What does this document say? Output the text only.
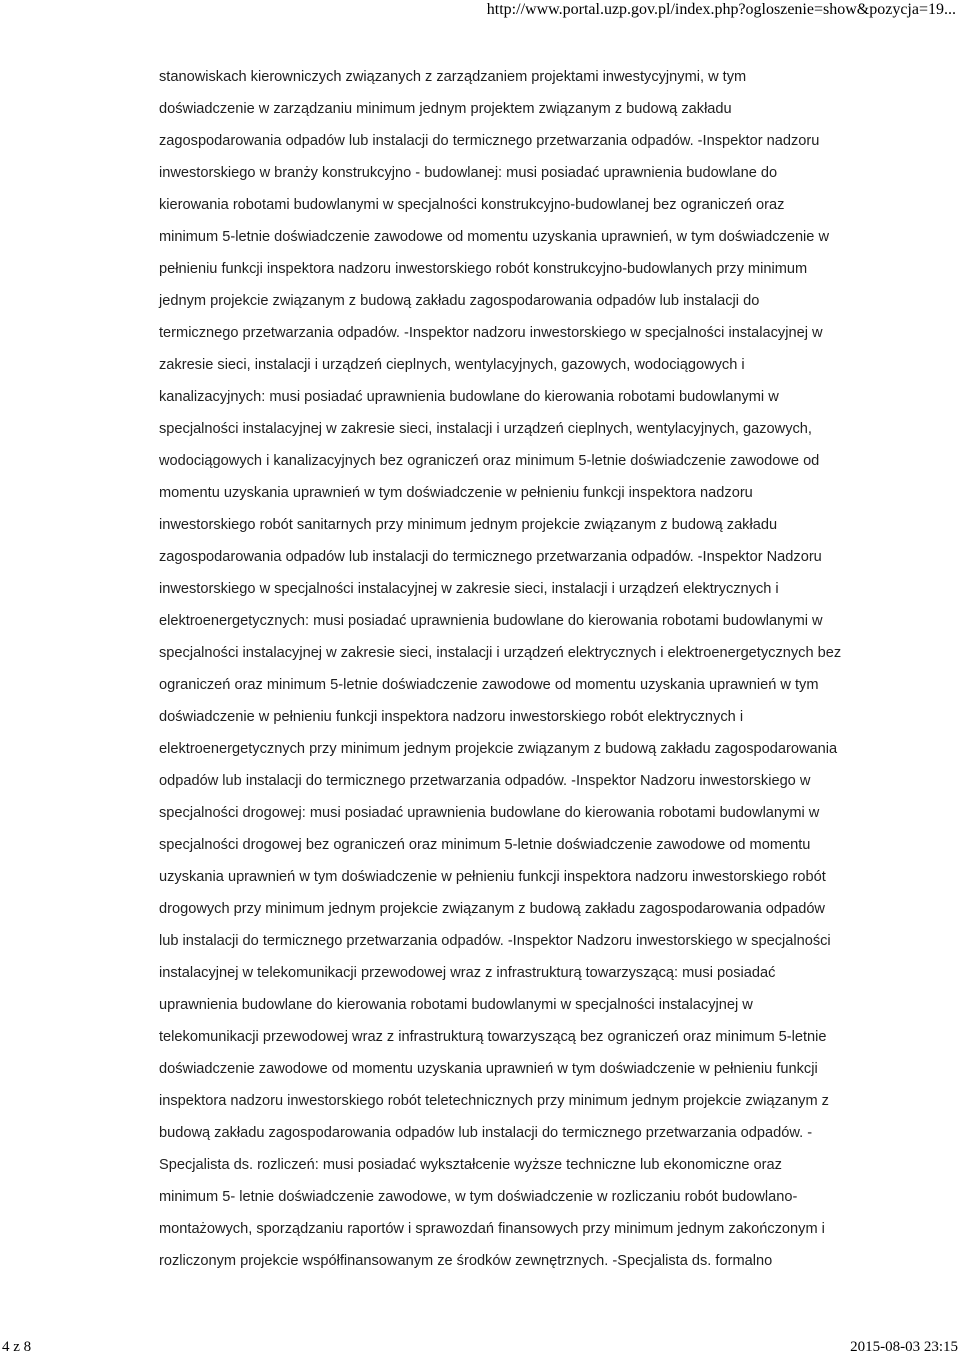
http://www.portal.uzp.gov.pl/index.php?ogloszenie=show&pozycja=19...
stanowiskach kierowniczych związanych z zarządzaniem projektami inwestycyjnymi, w tym
doświadczenie w zarządzaniu minimum jednym projektem związanym z budową zakładu
zagospodarowania odpadów lub instalacji do termicznego przetwarzania odpadów. -Inspektor nadzoru
inwestorskiego w branży konstrukcyjno - budowlanej: musi posiadać uprawnienia budowlane do
kierowania robotami budowlanymi w specjalności konstrukcyjno-budowlanej bez ograniczeń oraz
minimum 5-letnie doświadczenie zawodowe od momentu uzyskania uprawnień, w tym doświadczenie w
pełnieniu funkcji inspektora nadzoru inwestorskiego robót konstrukcyjno-budowlanych przy minimum
jednym projekcie związanym z budową zakładu zagospodarowania odpadów lub instalacji do
termicznego przetwarzania odpadów. -Inspektor nadzoru inwestorskiego w specjalności instalacyjnej w
zakresie sieci, instalacji i urządzeń cieplnych, wentylacyjnych, gazowych, wodociągowych i
kanalizacyjnych: musi posiadać uprawnienia budowlane do kierowania robotami budowlanymi w
specjalności instalacyjnej w zakresie sieci, instalacji i urządzeń cieplnych, wentylacyjnych, gazowych,
wodociągowych i kanalizacyjnych bez ograniczeń oraz minimum 5-letnie doświadczenie zawodowe od
momentu uzyskania uprawnień w tym doświadczenie w pełnieniu funkcji inspektora nadzoru
inwestorskiego robót sanitarnych przy minimum jednym projekcie związanym z budową zakładu
zagospodarowania odpadów lub instalacji do termicznego przetwarzania odpadów. -Inspektor Nadzoru
inwestorskiego w specjalności instalacyjnej w zakresie sieci, instalacji i urządzeń elektrycznych i
elektroenergetycznych: musi posiadać uprawnienia budowlane do kierowania robotami budowlanymi w
specjalności instalacyjnej w zakresie sieci, instalacji i urządzeń elektrycznych i elektroenergetycznych bez
ograniczeń oraz minimum 5-letnie doświadczenie zawodowe od momentu uzyskania uprawnień w tym
doświadczenie w pełnieniu funkcji inspektora nadzoru inwestorskiego robót elektrycznych i
elektroenergetycznych przy minimum jednym projekcie związanym z budową zakładu zagospodarowania
odpadów lub instalacji do termicznego przetwarzania odpadów. -Inspektor Nadzoru inwestorskiego w
specjalności drogowej: musi posiadać uprawnienia budowlane do kierowania robotami budowlanymi w
specjalności drogowej bez ograniczeń oraz minimum 5-letnie doświadczenie zawodowe od momentu
uzyskania uprawnień w tym doświadczenie w pełnieniu funkcji inspektora nadzoru inwestorskiego robót
drogowych przy minimum jednym projekcie związanym z budową zakładu zagospodarowania odpadów
lub instalacji do termicznego przetwarzania odpadów. -Inspektor Nadzoru inwestorskiego w specjalności
instalacyjnej w telekomunikacji przewodowej wraz z infrastrukturą towarzyszącą: musi posiadać
uprawnienia budowlane do kierowania robotami budowlanymi w specjalności instalacyjnej w
telekomunikacji przewodowej wraz z infrastrukturą towarzyszącą bez ograniczeń oraz minimum 5-letnie
doświadczenie zawodowe od momentu uzyskania uprawnień w tym doświadczenie w pełnieniu funkcji
inspektora nadzoru inwestorskiego robót teletechnicznych przy minimum jednym projekcie związanym z
budową zakładu zagospodarowania odpadów lub instalacji do termicznego przetwarzania odpadów. -
Specjalista ds. rozliczeń: musi posiadać wykształcenie wyższe techniczne lub ekonomiczne oraz
minimum 5- letnie doświadczenie zawodowe, w tym doświadczenie w rozliczaniu robót budowlano-
montażowych, sporządzaniu raportów i sprawozdań finansowych przy minimum jednym zakończonym i
rozliczonym projekcie współfinansowanym ze środków zewnętrznych. -Specjalista ds. formalno
4 z 8	2015-08-03 23:15
